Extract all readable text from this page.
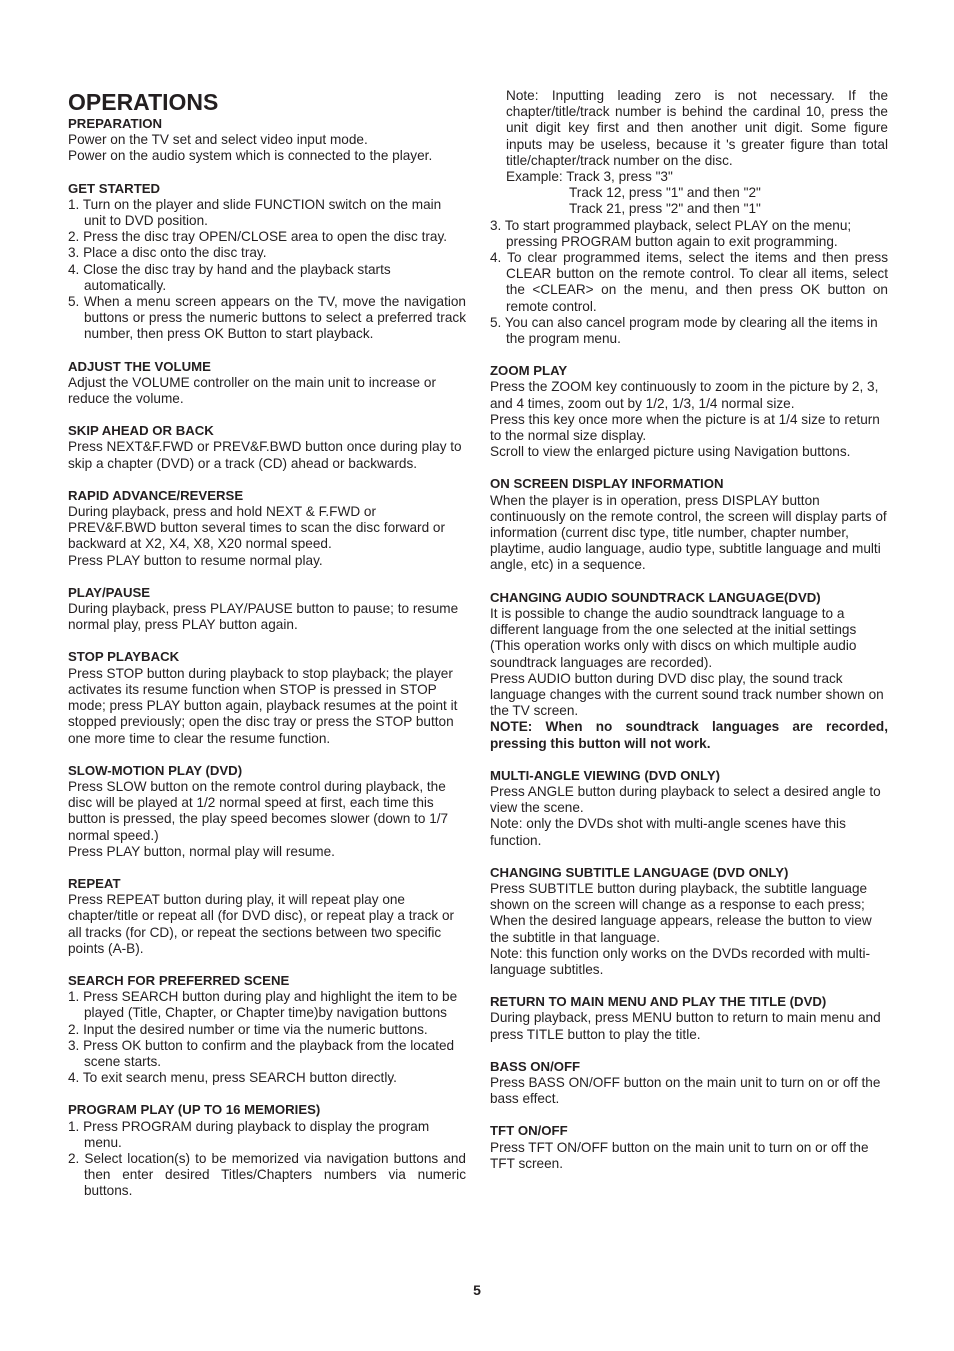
OPERATIONS
PREPARATION

Power on the TV set and select video input mode.

Power on the audio system which is connected to the player.

GET STARTED

1. Turn on the player and slide FUNCTION switch on the main unit to DVD position.

2. Press the disc tray OPEN/CLOSE area to open the disc tray.

3. Place a disc onto the disc tray.

4. Close the disc tray by hand and the playback starts automatically.

5. When a menu screen appears on the TV, move the navigation buttons or press the numeric buttons to select a preferred track number, then press OK Button to start playback.

ADJUST THE VOLUME

Adjust the VOLUME controller on the main unit to increase or reduce the volume.

SKIP AHEAD OR BACK

Press NEXT&F.FWD or PREV&F.BWD button once during play to skip a chapter (DVD) or a track (CD) ahead or backwards.

RAPID ADVANCE/REVERSE

During playback, press and hold NEXT & F.FWD or PREV&F.BWD button several times to scan the disc forward or backward at X2, X4, X8, X20 normal speed.

Press PLAY button to resume normal play.

PLAY/PAUSE

During playback, press PLAY/PAUSE button to pause; to resume normal play, press PLAY button again.

STOP PLAYBACK

Press STOP button during playback to stop playback; the player activates its resume function when STOP is pressed in STOP mode; press PLAY button again, playback resumes at the point it stopped previously; open the disc tray or press the STOP button one more time to clear the resume function.

SLOW-MOTION PLAY (DVD)

Press SLOW button on the remote control during playback, the disc will be played at 1/2 normal speed at first, each time this button is pressed, the play speed becomes slower (down to 1/7 normal speed.)

Press PLAY button, normal play will resume.

REPEAT

Press REPEAT button during play, it will repeat play one chapter/title or repeat all (for DVD disc), or repeat play a track or all tracks (for CD), or repeat the sections between two specific points (A-B).

SEARCH FOR PREFERRED SCENE

1. Press SEARCH button during play and highlight the item to be played (Title, Chapter, or Chapter time)by navigation buttons

2. Input the desired number or time via the numeric buttons.

3. Press OK button to confirm and the playback from the located scene starts.

4. To exit search menu, press SEARCH button directly.

PROGRAM PLAY (UP TO 16 MEMORIES)

1. Press PROGRAM during playback to display the program menu.

2. Select location(s) to be memorized via navigation buttons and then enter desired Titles/Chapters numbers via numeric buttons.

Note: Inputting leading zero is not necessary. If the chapter/title/track number is behind the cardinal 10, press the unit digit key first and then another unit digit. Some figure inputs may be useless, because it 's greater figure than total title/chapter/track number on the disc.

Example: Track 3, press "3"

Track 12, press "1" and then "2"

Track 21, press "2" and then "1"

3. To start programmed playback, select PLAY on the menu; pressing PROGRAM button again to exit programming.

4. To clear programmed items, select the items and then press CLEAR button on the remote control. To clear all items, select the <CLEAR> on the menu, and then press OK button on remote control.

5. You can also cancel program mode by clearing all the items in the program menu.

ZOOM PLAY

Press the ZOOM key continuously to zoom in the picture by 2, 3, and 4 times, zoom out by 1/2, 1/3, 1/4 normal size.

Press this key once more when the picture is at 1/4 size to return to the normal size display.

Scroll to view the enlarged picture using Navigation buttons.

ON SCREEN DISPLAY INFORMATION

When the player is in operation, press DISPLAY button continuously on the remote control, the screen will display parts of information (current disc type, title number, chapter number, playtime, audio language, audio type, subtitle language and multi angle, etc) in a sequence.

CHANGING AUDIO SOUNDTRACK LANGUAGE(DVD)

It is possible to change the audio soundtrack language to a different language from the one selected at the initial settings (This operation works only with discs on which multiple audio soundtrack languages are recorded).

Press AUDIO button during DVD disc play, the sound track language changes with the current sound track number shown on the TV screen.

NOTE: When no soundtrack languages are recorded, pressing this button will not work.

MULTI-ANGLE VIEWING (DVD ONLY)

Press ANGLE button during playback to select a desired angle to view the scene.

Note: only the DVDs shot with multi-angle scenes have this function.

CHANGING SUBTITLE LANGUAGE (DVD ONLY)

Press SUBTITLE button during playback, the subtitle language shown on the screen will change as a response to each press;

When the desired language appears, release the button to view the subtitle in that language.

Note: this function only works on the DVDs recorded with multi-language subtitles.

RETURN TO MAIN MENU AND PLAY THE TITLE (DVD)

During playback, press MENU button to return to main menu and press TITLE button to play the title.

BASS ON/OFF

Press BASS ON/OFF button on the main unit to turn on or off the bass effect.

TFT ON/OFF

Press TFT ON/OFF button on the main unit to turn on or off the TFT screen.

5
